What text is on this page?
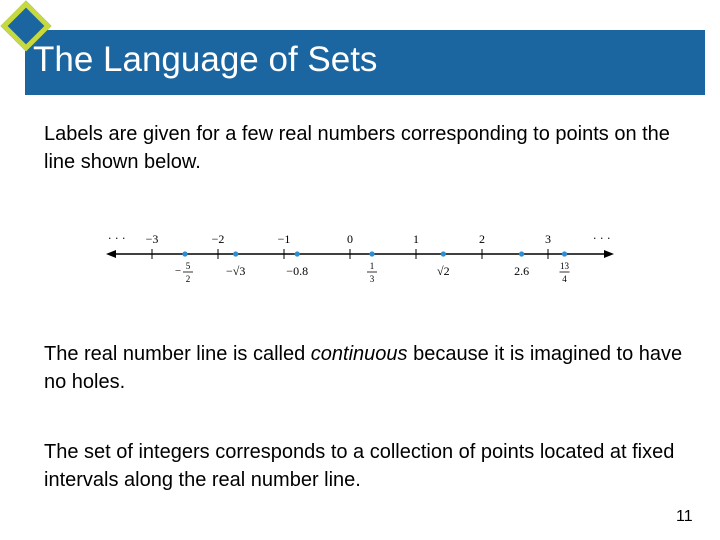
The Language of Sets
Labels are given for a few real numbers corresponding to points on the line shown below.
· · ·	· · ·
−3	−2	−1	0	1	2	3
− 5
2
−√3	−0.8	1
3
√2	2.6	13
4
The real number line is called continuous because it is imagined to have no holes.
The set of integers corresponds to a collection of points located at fixed intervals along the real number line.
11
